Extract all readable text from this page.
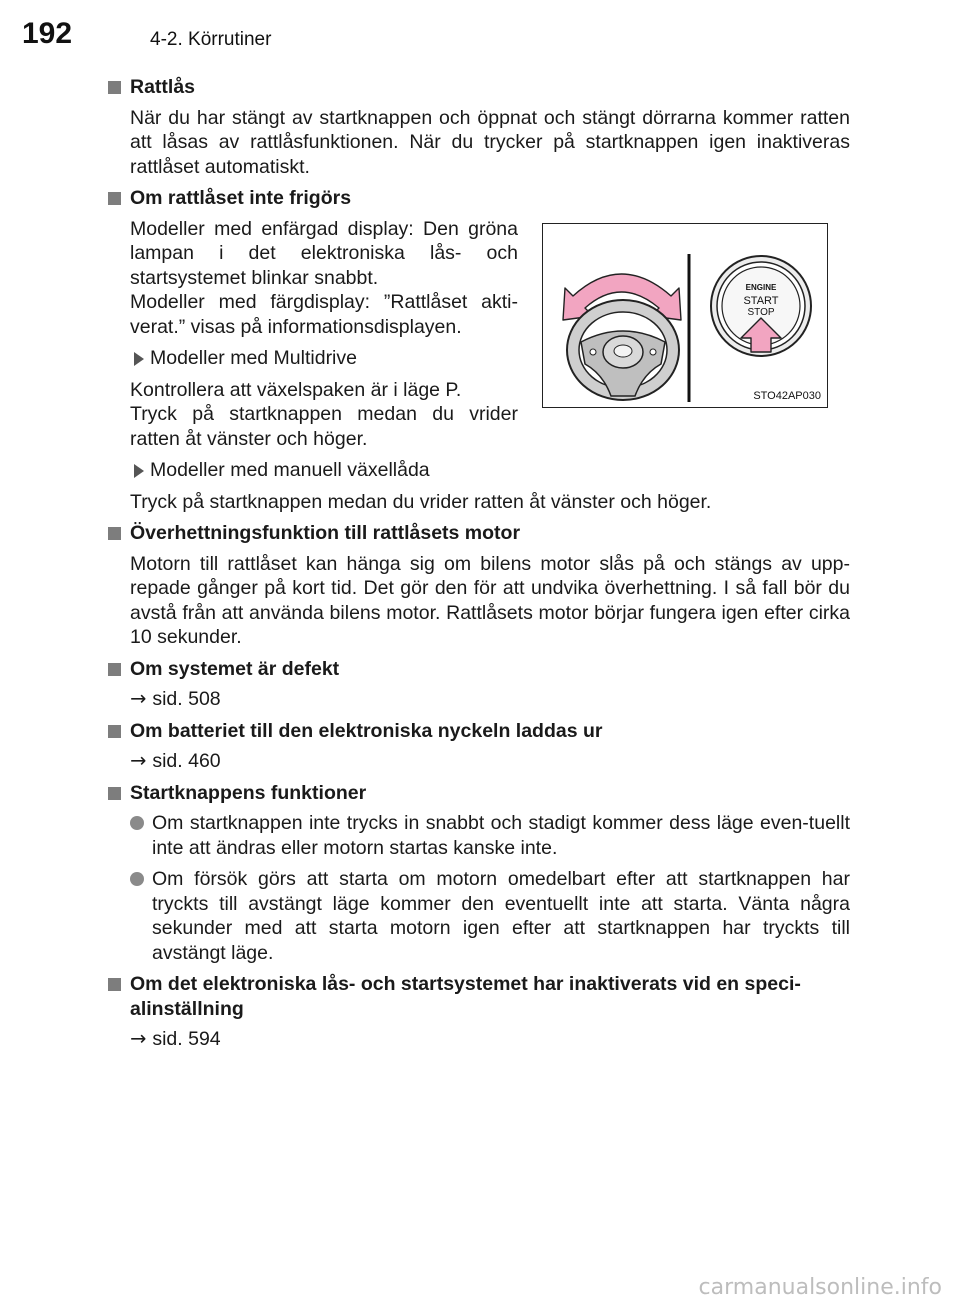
192	4-2. Körrutiner
Rattlås
När du har stängt av startknappen och öppnat och stängt dörrarna kommer ratten att låsas av rattlåsfunktionen. När du trycker på startknappen igen inaktiveras rattlåset automatiskt.
Om rattlåset inte frigörs
Modeller med enfärgad display: Den gröna lampan i det elektroniska lås- och startsystemet blinkar snabbt.
Modeller med färgdisplay: ”Rattlåset akti-verat.” visas på informationsdisplayen.
Modeller med Multidrive
Kontrollera att växelspaken är i läge P.
Tryck på startknappen medan du vrider ratten åt vänster och höger.
ENGINE
START
STOP
STO42AP030
Modeller med manuell växellåda
Tryck på startknappen medan du vrider ratten åt vänster och höger.
Överhettningsfunktion till rattlåsets motor
Motorn till rattlåset kan hänga sig om bilens motor slås på och stängs av upp-repade gånger på kort tid. Det gör den för att undvika överhettning. I så fall bör du avstå från att använda bilens motor. Rattlåsets motor börjar fungera igen efter cirka 10 sekunder.
Om systemet är defekt
→ sid. 508
Om batteriet till den elektroniska nyckeln laddas ur
→ sid. 460
Startknappens funktioner
Om startknappen inte trycks in snabbt och stadigt kommer dess läge even-tuellt inte att ändras eller motorn startas kanske inte.
Om försök görs att starta om motorn omedelbart efter att startknappen har tryckts till avstängt läge kommer den eventuellt inte att starta. Vänta några sekunder med att starta motorn igen efter att startknappen har tryckts till avstängt läge.
Om det elektroniska lås- och startsystemet har inaktiverats vid en speci-alinställning
→ sid. 594
carmanualsonline.info
